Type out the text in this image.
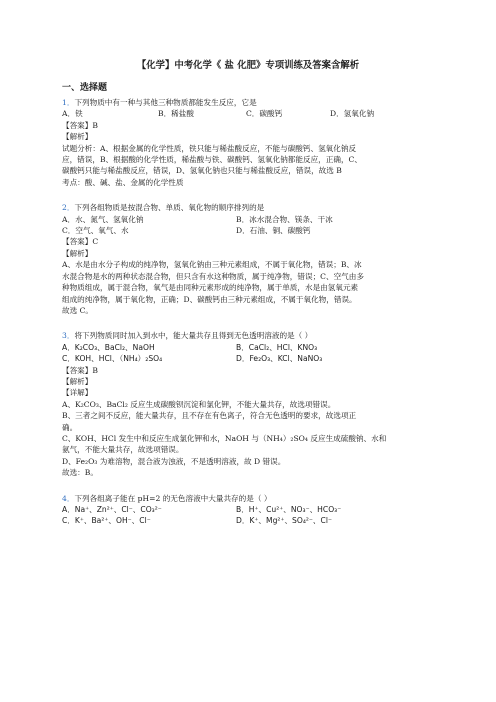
【化学】中考化学《 盐 化肥》专项训练及答案含解析
一、选择题
1．下列物质中有一种与其他三种物质都能发生反应，它是
A．铁	B．稀盐酸	C．碳酸钙	D．氢氧化钠
【答案】B
【解析】
试题分析：A、根据金属的化学性质，铁只能与稀盐酸反应，不能与碳酸钙、氢氧化钠反
应，错误，B、根据酸的化学性质，稀盐酸与铁、碳酸钙、氢氧化钠都能反应，正确，C、
碳酸钙只能与稀盐酸反应，错误，D、氢氧化钠也只能与稀盐酸反应，错误，故选 B
考点：酸、碱、盐、金属的化学性质
2．下列各组物质是按混合物、单质、氧化物的顺序排列的是
A．水、氮气、氢氧化钠	B．冰水混合物、镁条、干冰
C．空气、氧气、水	D．石油、铜、碳酸钙
【答案】C
【解析】
A、水是由水分子构成的纯净物，氢氧化钠由三种元素组成，不属于氧化物，错误；B、冰
水混合物是水的两种状态混合物，但只含有水这种物质，属于纯净物，错误；C、空气由多
种物质组成，属于混合物，氧气是由同种元素形成的纯净物，属于单质，水是由氢氧元素
组成的纯净物，属于氧化物，正确；D、碳酸钙由三种元素组成，不属于氧化物，错误。
故选 C。
3．将下列物质同时加入到水中，能大量共存且得到无色透明溶液的是（ ）
A．K₂CO₃、BaCl₂、NaOH	B．CaCl₂、HCl、KNO₃
C．KOH、HCl、（NH₄）₂SO₄	D．Fe₂O₃、KCl、NaNO₃
【答案】B
【解析】
【详解】
A、K₂CO₃、BaCl₂ 反应生成碳酸钡沉淀和氯化钾，不能大量共存，故选项错误。
B、三者之间不反应，能大量共存，且不存在有色离子，符合无色透明的要求，故选项正
确。
C、KOH、HCl 发生中和反应生成氯化钾和水，NaOH 与（NH₄）₂SO₄ 反应生成硫酸钠、水和
氨气，不能大量共存，故选项错误。
D、Fe₂O₃ 为难溶物，混合液为浊液，不是透明溶液，故 D 错误。
故选：B。
4．下列各组离子能在 pH=2 的无色溶液中大量共存的是（ ）
A．Na⁺、Zn²⁺、Cl⁻、CO₃²⁻	B．H⁺、Cu²⁺、NO₃⁻、HCO₃⁻
C．K⁺、Ba²⁺、OH⁻、Cl⁻	D．K⁺、Mg²⁺、SO₄²⁻、Cl⁻
